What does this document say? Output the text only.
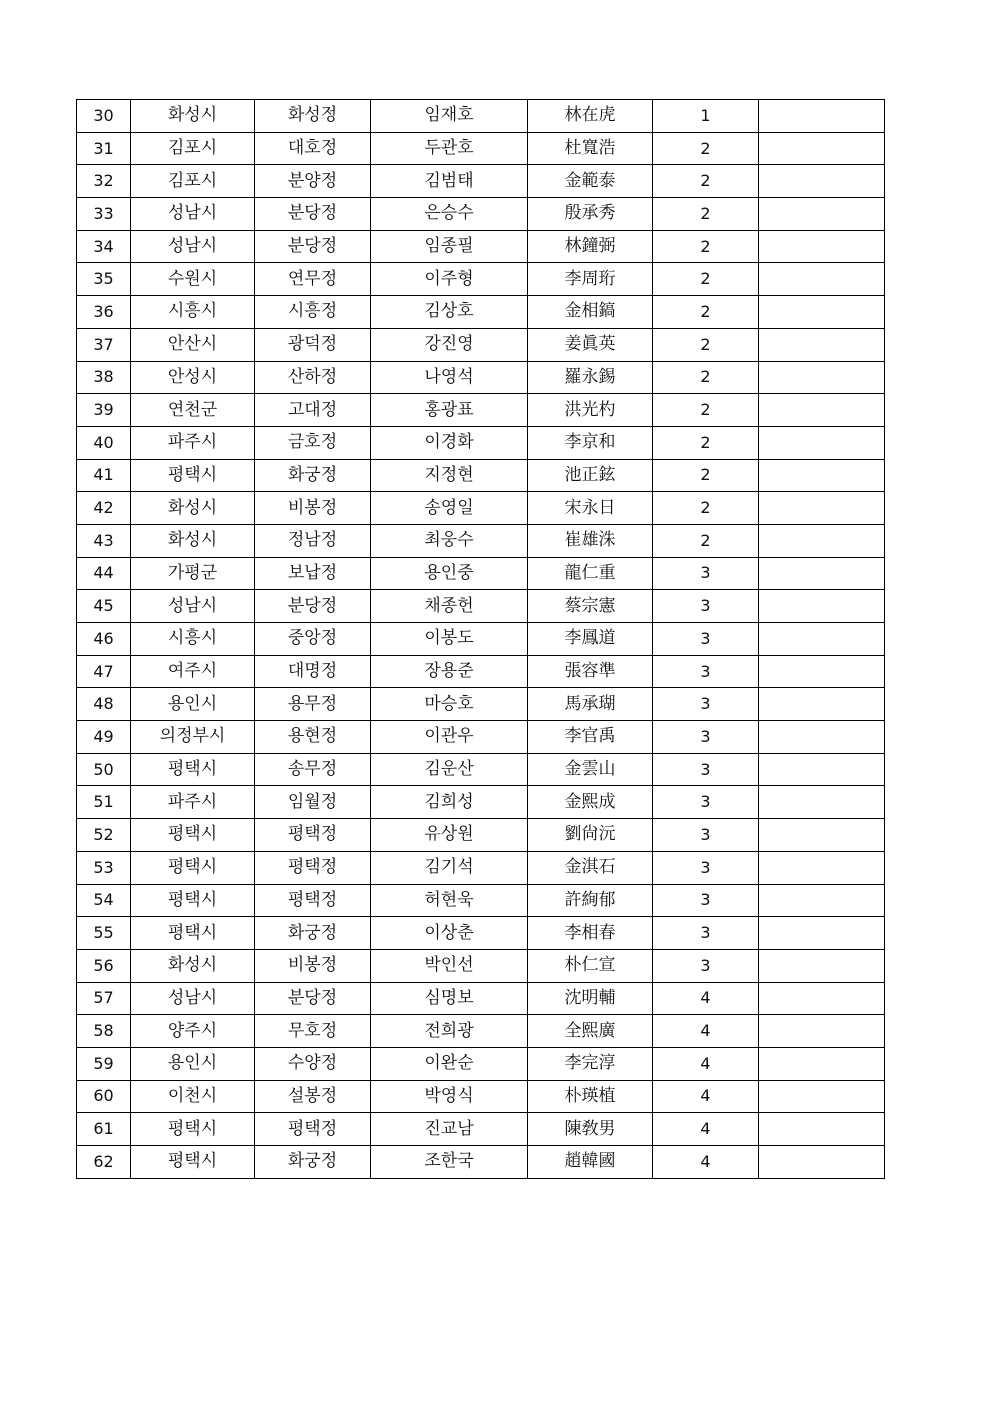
30	화성시	화성정	임재호	林在虎	1	
31	김포시	대호정	두관호	杜寬浩	2	
32	김포시	분양정	김범태	金範泰	2	
33	성남시	분당정	은승수	殷承秀	2	
34	성남시	분당정	임종필	林鐘弼	2	
35	수원시	연무정	이주형	李周珩	2	
36	시흥시	시흥정	김상호	金相鎬	2	
37	안산시	광덕정	강진영	姜眞英	2	
38	안성시	산하정	나영석	羅永錫	2	
39	연천군	고대정	홍광표	洪光杓	2	
40	파주시	금호정	이경화	李京和	2	
41	평택시	화궁정	지정현	池正鉉	2	
42	화성시	비봉정	송영일	宋永日	2	
43	화성시	정남정	최웅수	崔雄洙	2	
44	가평군	보납정	용인중	龍仁重	3	
45	성남시	분당정	채종헌	蔡宗憲	3	
46	시흥시	중앙정	이봉도	李鳳道	3	
47	여주시	대명정	장용준	張容準	3	
48	용인시	용무정	마승호	馬承瑚	3	
49	의정부시	용현정	이관우	李官禹	3	
50	평택시	송무정	김운산	金雲山	3	
51	파주시	임월정	김희성	金熙成	3	
52	평택시	평택정	유상원	劉尙沅	3	
53	평택시	평택정	김기석	金淇石	3	
54	평택시	평택정	허현욱	許絢郁	3	
55	평택시	화궁정	이상춘	李相春	3	
56	화성시	비봉정	박인선	朴仁宣	3	
57	성남시	분당정	심명보	沈明輔	4	
58	양주시	무호정	전희광	全熙廣	4	
59	용인시	수양정	이완순	李完淳	4	
60	이천시	설봉정	박영식	朴瑛植	4	
61	평택시	평택정	진교남	陳敎男	4	
62	평택시	화궁정	조한국	趙韓國	4	
